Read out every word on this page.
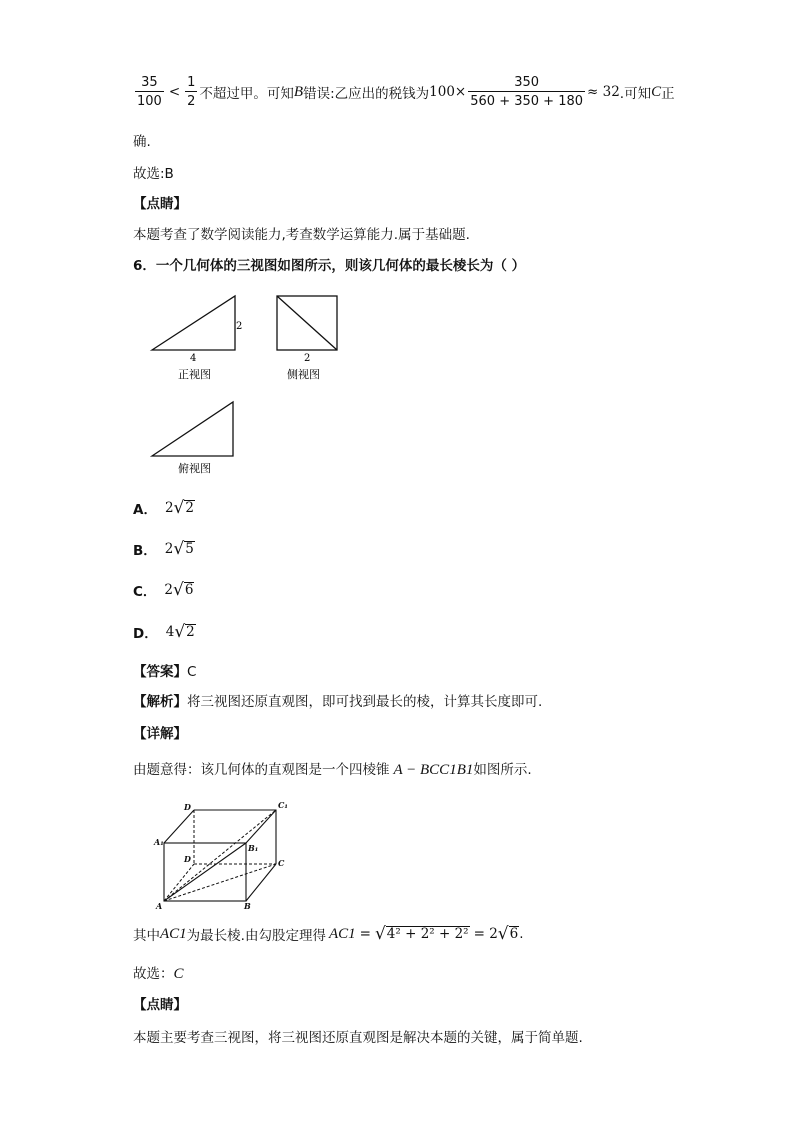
$\frac{35}{100} < \frac{1}{2}$ 不超过甲。可知 B 错误:乙应出的税钱为 $100\times \frac{350}{560 + 350 + 180} \approx 32$ .可知 C 正
确.
故选:B
【点睛】
本题考查了数学阅读能力,考查数学运算能力.属于基础题.
6．一个几何体的三视图如图所示，则该几何体的最长棱长为（ ）
4
2
正视图
2
侧视图
俯视图
A． 2 √ 2
B． 2 √ 5
C． 2 √ 6
D． 4 √ 2
【答案】C
【解析】将三视图还原直观图，即可找到最长的棱，计算其长度即可.
【详解】
由题意得：该几何体的直观图是一个四棱锥 A − BCC 1 B 1 如图所示.
D	C₁
A₁
D
B₁
C
A	B
其中 AC 1 为最长棱.由勾股定理得 AC 1 = √ 4² + 2² + 2² = 2 √ 6 .
故选：C
【点睛】
本题主要考查三视图，将三视图还原直观图是解决本题的关键，属于简单题.
